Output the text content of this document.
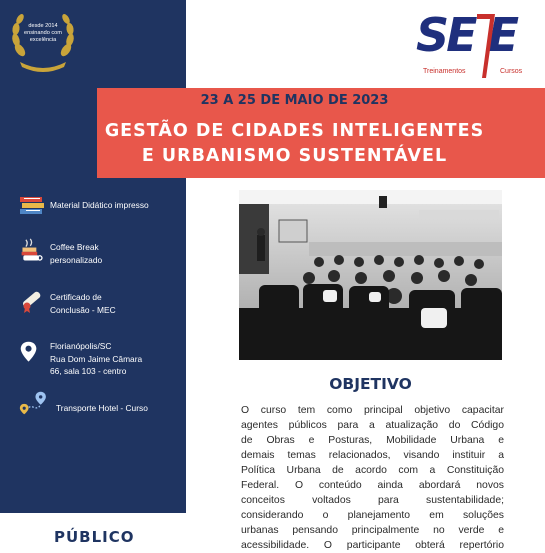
PÚBLICO
desde 2014
ensinando com
excelência	SE E
Treinamentos	Cursos
23 A 25 DE MAIO DE 2023
GESTÃO DE CIDADES INTELIGENTES
E URBANISMO SUSTENTÁVEL
Material Didático impresso
Coffee Break
personalizado
Certificado de
Conclusão - MEC
Florianópolis/SC
Rua Dom Jaime Câmara
66, sala 103 - centro
Transporte Hotel - Curso
OBJETIVO
O curso tem como principal objetivo capacitar
agentes públicos para a atualização do Código
de Obras e Posturas, Mobilidade Urbana e
demais temas relacionados, visando instituir a
Política Urbana de acordo com a Constituição
Federal. O conteúdo ainda abordará novos
conceitos voltados para sustentabilidade;
considerando o planejamento em soluções
urbanas pensando principalmente no verde e
acessibilidade. O participante obterá repertório
